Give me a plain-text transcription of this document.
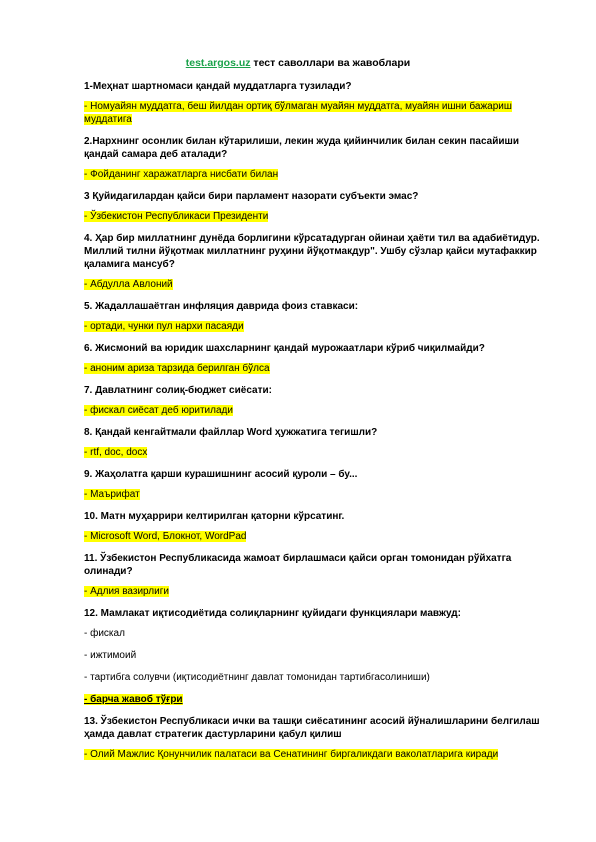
test.argos.uz тест саволлари ва жавоблари

1-Меҳнат шартномаси қандай муддатларга тузилади?

- Номуайян муддатга, беш йилдан ортиқ бўлмаган муайян муддатга, муайян ишни бажариш муддатига

2.Нархнинг осонлик билан кўтарилиши, лекин жуда қийинчилик билан секин пасайиши қандай самара деб аталади?

- Фойданинг харажатларга нисбати билан

3 Қуйидагилардан қайси бири парламент назорати субъекти эмас?

- Ўзбекистон Республикаси Президенти

4. Ҳар бир миллатнинг дунёда борлигини кўрсатадурган ойинаи ҳаёти тил ва адабиётидур. Миллий тилни йўқотмак миллатнинг руҳини йўқотмакдур". Ушбу сўзлар қайси мутафаккир қаламига мансуб?

- Абдулла Авлоний

5. Жадаллашаётган инфляция даврида фоиз ставкаси:

- ортади, чунки пул нархи пасаяди

6. Жисмоний ва юридик шахсларнинг қандай мурожаатлари кўриб чиқилмайди?

- аноним ариза тарзида берилган бўлса

7. Давлатнинг солиқ-бюджет сиёсати:

- фискал сиёсат деб юритилади

8. Қандай кенгайтмали файллар Word ҳужжатига тегишли?

- rtf, doc, docx

9. Жаҳолатга қарши курашишнинг асосий қуроли – бу...

- Маърифат

10. Матн муҳаррири келтирилган қаторни кўрсатинг.

- Microsoft Word, Блокнот, WordPad

11. Ўзбекистон Республикасида жамоат бирлашмаси қайси орган томонидан рўйхатга олинади?

- Адлия вазирлиги

12. Мамлакат иқтисодиётида солиқларнинг қуйидаги функциялари мавжуд:

- фискал

- ижтимоий

- тартибга солувчи (иқтисодиётнинг давлат томонидан тартибгасолиниши)

- барча жавоб тўғри

13. Ўзбекистон Республикаси ички ва ташқи сиёсатининг асосий йўналишларини белгилаш ҳамда давлат стратегик дастурларини қабул қилиш

- Олий Мажлис Қонунчилик палатаси ва Сенатининг биргаликдаги ваколатларига киради
